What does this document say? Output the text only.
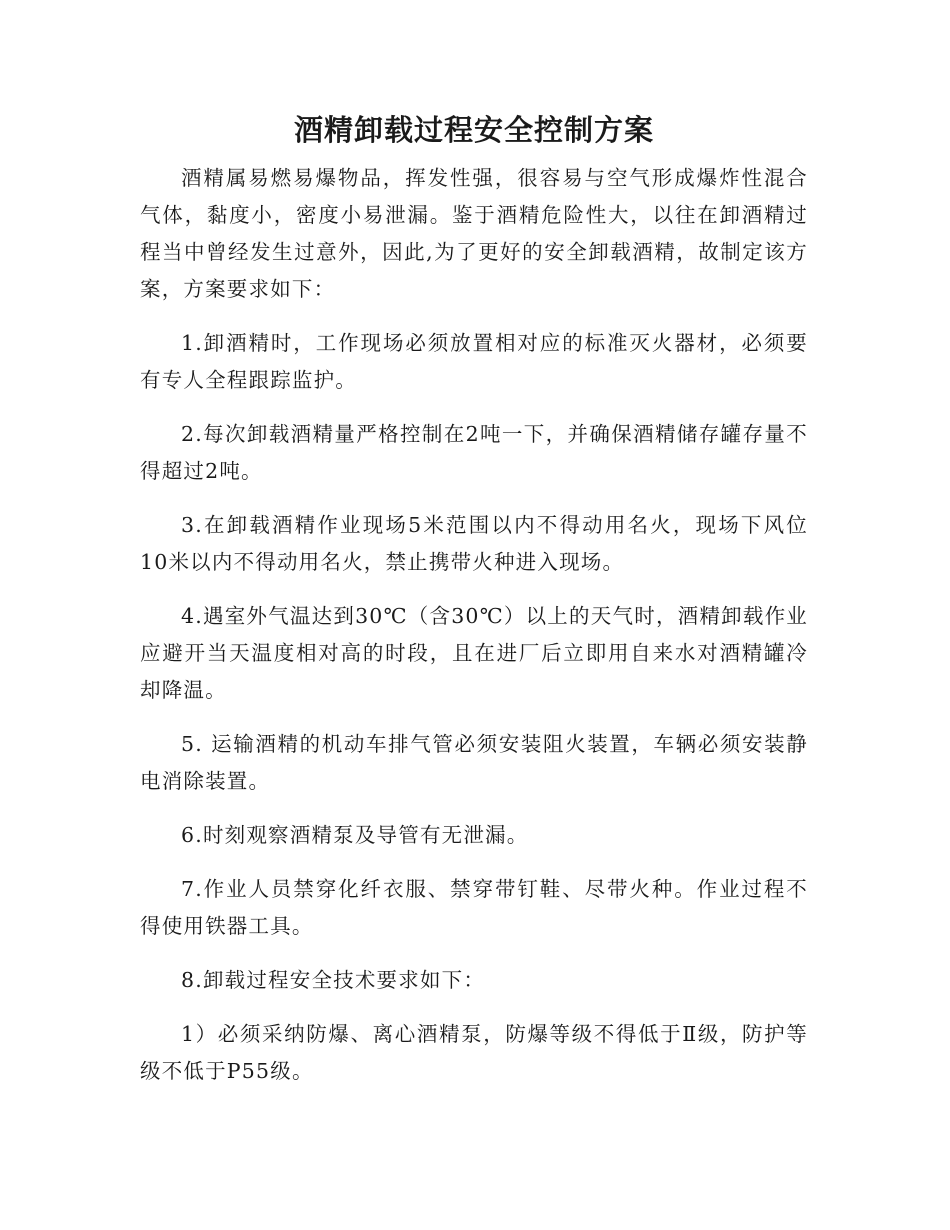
酒精卸载过程安全控制方案

酒精属易燃易爆物品，挥发性强，很容易与空气形成爆炸性混合气体，黏度小，密度小易泄漏。鉴于酒精危险性大，以往在卸酒精过程当中曾经发生过意外，因此,为了更好的安全卸载酒精，故制定该方案，方案要求如下：

1.卸酒精时，工作现场必须放置相对应的标准灭火器材，必须要有专人全程跟踪监护。

2.每次卸载酒精量严格控制在2吨一下，并确保酒精储存罐存量不得超过2吨。

3.在卸载酒精作业现场5米范围以内不得动用名火，现场下风位10米以内不得动用名火，禁止携带火种进入现场。

4.遇室外气温达到30℃（含30℃）以上的天气时，酒精卸载作业应避开当天温度相对高的时段，且在进厂后立即用自来水对酒精罐冷却降温。

5. 运输酒精的机动车排气管必须安装阻火装置，车辆必须安装静电消除装置。

6.时刻观察酒精泵及导管有无泄漏。

7.作业人员禁穿化纤衣服、禁穿带钉鞋、尽带火种。作业过程不得使用铁器工具。

8.卸载过程安全技术要求如下：

1）必须采纳防爆、离心酒精泵，防爆等级不得低于Ⅱ级，防护等级不低于P55级。
